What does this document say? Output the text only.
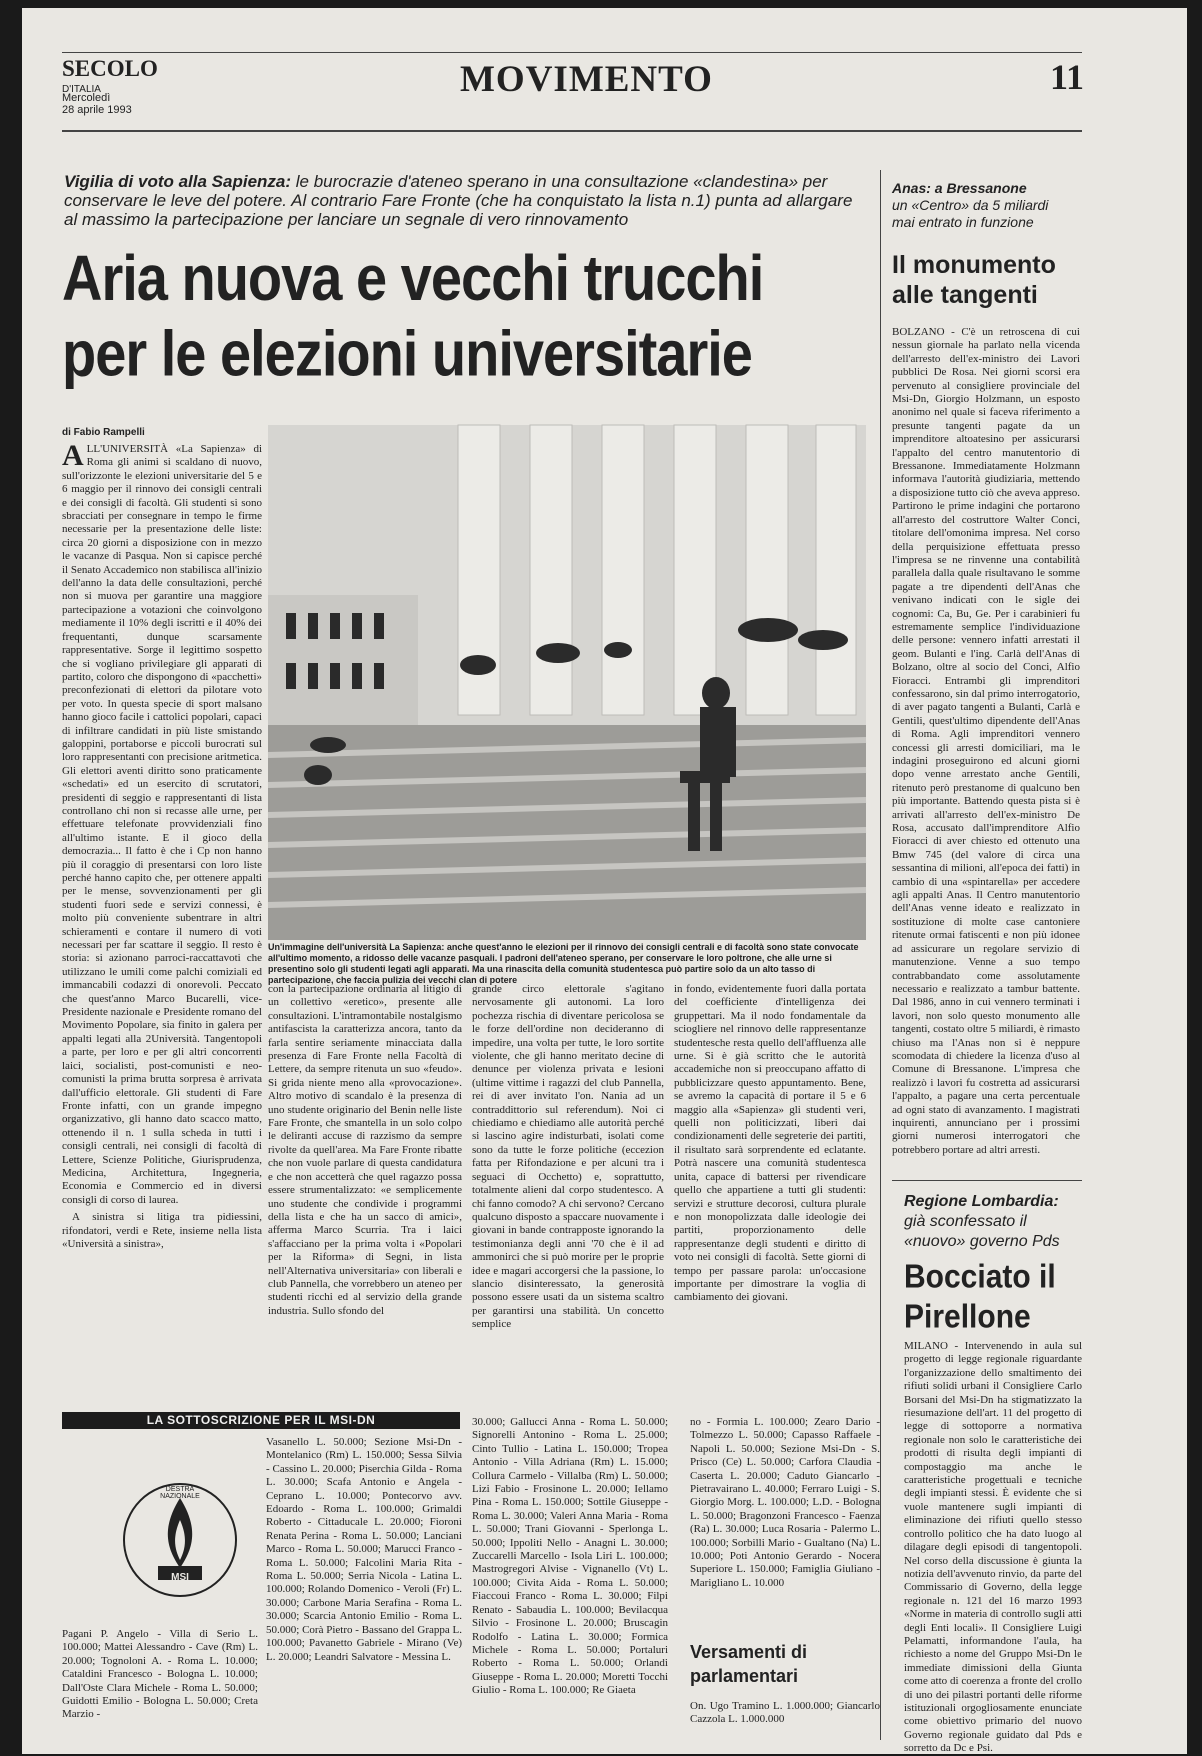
SECOLO
D'ITALIA
Mercoledì
28 aprile 1993
MOVIMENTO	11
Vigilia di voto alla Sapienza: le burocrazie d'ateneo sperano in una consultazione «clandestina» per conservare le leve del potere. Al contrario Fare Fronte (che ha conquistato la lista n.1) punta ad allargare al massimo la partecipazione per lanciare un segnale di vero rinnovamento
Aria nuova e vecchi trucchi per le elezioni universitarie
di Fabio Rampelli

ALL'UNIVERSITÀ «La Sapienza» di Roma gli animi si scaldano di nuovo, sull'orizzonte le elezioni universitarie del 5 e 6 maggio per il rinnovo dei consigli centrali e dei consigli di facoltà. Gli studenti si sono sbracciati per consegnare in tempo le firme necessarie per la presentazione delle liste: circa 20 giorni a disposizione con in mezzo le vacanze di Pasqua. Non si capisce perché il Senato Accademico non stabilisca all'inizio dell'anno la data delle consultazioni, perché non si muova per garantire una maggiore partecipazione a votazioni che coinvolgono mediamente il 10% degli iscritti e il 40% dei frequentanti, dunque scarsamente rappresentative. Sorge il legittimo sospetto che si vogliano privilegiare gli apparati di partito, coloro che dispongono di «pacchetti» preconfezionati di elettori da pilotare voto per voto. In questa specie di sport malsano hanno gioco facile i cattolici popolari, capaci di infiltrare candidati in più liste smistando galoppini, portaborse e piccoli burocrati sul loro rappresentanti con precisione aritmetica. Gli elettori aventi diritto sono praticamente «schedati» ed un esercito di scrutatori, presidenti di seggio e rappresentanti di lista controllano chi non si recasse alle urne, per effettuare telefonate provvidenziali fino all'ultimo istante. E il gioco della democrazia... Il fatto è che i Cp non hanno più il coraggio di presentarsi con loro liste perché hanno capito che, per ottenere appalti per le mense, sovvenzionamenti per gli studenti fuori sede e servizi connessi, è molto più conveniente subentrare in altri schieramenti e contare il numero di voti necessari per far scattare il seggio. Il resto è storia: si azionano parroci-raccattavoti che utilizzano le umili come palchi comiziali ed immancabili codazzi di onorevoli. Peccato che quest'anno Marco Bucarelli, vice-Presidente nazionale e Presidente romano del Movimento Popolare, sia finito in galera per appalti legati alla 2Università. Tangentopoli a parte, per loro e per gli altri concorrenti laici, socialisti, post-comunisti e neo-comunisti la prima brutta sorpresa è arrivata dall'ufficio elettorale. Gli studenti di Fare Fronte infatti, con un grande impegno organizzativo, gli hanno dato scacco matto, ottenendo il n. 1 sulla scheda in tutti i consigli centrali, nei consigli di facoltà di Lettere, Scienze Politiche, Giurisprudenza, Medicina, Architettura, Ingegneria, Economia e Commercio ed in diversi consigli di corso di laurea.

A sinistra si litiga tra pidiessini, rifondatori, verdi e Rete, insieme nella lista «Università a sinistra»,

Un'immagine dell'università La Sapienza: anche quest'anno le elezioni per il rinnovo dei consigli centrali e di facoltà sono state convocate all'ultimo momento, a ridosso delle vacanze pasquali. I padroni dell'ateneo sperano, per conservare le loro poltrone, che alle urne si presentino solo gli studenti legati agli apparati. Ma una rinascita della comunità studentesca può partire solo da un alto tasso di partecipazione, che faccia pulizia dei vecchi clan di potere

con la partecipazione ordinaria al litigio di un collettivo «eretico», presente alle consultazioni. L'intramontabile nostalgismo antifascista la caratterizza ancora, tanto da farla sentire seriamente minacciata dalla presenza di Fare Fronte nella Facoltà di Lettere, da sempre ritenuta un suo «feudo». Si grida niente meno alla «provocazione». Altro motivo di scandalo è la presenza di uno studente originario del Benin nelle liste Fare Fronte, che smantella in un solo colpo le deliranti accuse di razzismo da sempre rivolte da quell'area. Ma Fare Fronte ribatte che non vuole parlare di questa candidatura e che non accetterà che quel ragazzo possa essere strumentalizzato: «e semplicemente uno studente che condivide i programmi della lista e che ha un sacco di amici», afferma Marco Scurria. Tra i laici s'affacciano per la prima volta i «Popolari per la Riforma» di Segni, in lista nell'Alternativa universitaria» con liberali e club Pannella, che vorrebbero un ateneo per studenti ricchi ed al servizio della grande industria. Sullo sfondo del

grande circo elettorale s'agitano nervosamente gli autonomi. La loro pochezza rischia di diventare pericolosa se le forze dell'ordine non decideranno di impedire, una volta per tutte, le loro sortite violente, che gli hanno meritato decine di denunce per violenza privata e lesioni (ultime vittime i ragazzi del club Pannella, rei di aver invitato l'on. Nania ad un contraddittorio sul referendum). Noi ci chiediamo e chiediamo alle autorità perché si lascino agire indisturbati, isolati come sono da tutte le forze politiche (eccezion fatta per Rifondazione e per alcuni tra i seguaci di Occhetto) e, soprattutto, totalmente alieni dal corpo studentesco. A chi fanno comodo? A chi servono? Cercano qualcuno disposto a spaccare nuovamente i giovani in bande contrapposte ignorando la testimonianza degli anni '70 che è il ad ammonirci che si può morire per le proprie idee e magari accorgersi che la passione, lo slancio disinteressato, la generosità possono essere usati da un sistema scaltro per garantirsi una stabilità. Un concetto semplice

in fondo, evidentemente fuori dalla portata del coefficiente d'intelligenza dei gruppettari. Ma il nodo fondamentale da sciogliere nel rinnovo delle rappresentanze studentesche resta quello dell'affluenza alle urne. Si è già scritto che le autorità accademiche non si preoccupano affatto di pubblicizzare questo appuntamento. Bene, se avremo la capacità di portare il 5 e 6 maggio alla «Sapienza» gli studenti veri, quelli non politicizzati, liberi dai condizionamenti delle segreterie dei partiti, il risultato sarà sorprendente ed eclatante. Potrà nascere una comunità studentesca unita, capace di battersi per rivendicare quello che appartiene a tutti gli studenti: servizi e strutture decorosi, cultura plurale e non monopolizzata dalle ideologie dei partiti, proporzionamento delle rappresentanze degli studenti e diritto di voto nei consigli di facoltà. Sette giorni di tempo per passare parola: un'occasione importante per dimostrare la voglia di cambiamento dei giovani.

Anas: a Bressanone
un «Centro» da 5 miliardi mai entrato in funzione
Il monumento alle tangenti

BOLZANO - C'è un retroscena di cui nessun giornale ha parlato nella vicenda dell'arresto dell'ex-ministro dei Lavori pubblici De Rosa. Nei giorni scorsi era pervenuto al consigliere provinciale del Msi-Dn, Giorgio Holzmann, un esposto anonimo nel quale si faceva riferimento a presunte tangenti pagate da un imprenditore altoatesino per assicurarsi l'appalto del centro manutentorio di Bressanone. Immediatamente Holzmann informava l'autorità giudiziaria, mettendo a disposizione tutto ciò che aveva appreso. Partirono le prime indagini che portarono all'arresto del costruttore Walter Conci, titolare dell'omonima impresa. Nel corso della perquisizione effettuata presso l'impresa se ne rinvenne una contabilità parallela dalla quale risultavano le somme pagate a tre dipendenti dell'Anas che venivano indicati con le sigle dei cognomi: Ca, Bu, Ge. Per i carabinieri fu estremamente semplice l'individuazione delle persone: vennero infatti arrestati il geom. Bulanti e l'ing. Carlà dell'Anas di Bolzano, oltre al socio del Conci, Alfio Fioracci. Entrambi gli imprenditori confessarono, sin dal primo interrogatorio, di aver pagato tangenti a Bulanti, Carlà e Gentili, quest'ultimo dipendente dell'Anas di Roma. Agli imprenditori vennero concessi gli arresti domiciliari, ma le indagini proseguirono ed alcuni giorni dopo venne arrestato anche Gentili, ritenuto però prestanome di qualcuno ben più importante. Battendo questa pista si è arrivati all'arresto dell'ex-ministro De Rosa, accusato dall'imprenditore Alfio Fioracci di aver chiesto ed ottenuto una Bmw 745 (del valore di circa una sessantina di milioni, all'epoca dei fatti) in cambio di una «spintarella» per accedere agli appalti Anas. Il Centro manutentorio dell'Anas venne ideato e realizzato in sostituzione di molte case cantoniere ritenute ormai fatiscenti e non più idonee ad assicurare un regolare servizio di manutenzione. Venne a suo tempo contrabbandato come assolutamente necessario e realizzato a tambur battente. Dal 1986, anno in cui vennero terminati i lavori, non solo questo monumento alle tangenti, costato oltre 5 miliardi, è rimasto chiuso ma l'Anas non si è neppure scomodata di chiedere la licenza d'uso al Comune di Bressanone. L'impresa che realizzò i lavori fu costretta ad assicurarsi l'appalto, a pagare una certa percentuale ad ogni stato di avanzamento. I magistrati inquirenti, annunciano per i prossimi giorni numerosi interrogatori che potrebbero portare ad altri arresti.

Regione Lombardia:
già sconfessato il «nuovo» governo Pds
Bocciato il Pirellone

MILANO - Intervenendo in aula sul progetto di legge regionale riguardante l'organizzazione dello smaltimento dei rifiuti solidi urbani il Consigliere Carlo Borsani del Msi-Dn ha stigmatizzato la riesumazione dell'art. 11 del progetto di legge di sottoporre a normativa regionale non solo le caratteristiche dei prodotti di risulta degli impianti di compostaggio ma anche le caratteristiche progettuali e tecniche degli impianti stessi. È evidente che si vuole mantenere sugli impianti di eliminazione dei rifiuti quello stesso controllo politico che ha dato luogo al dilagare degli episodi di tangentopoli. Nel corso della discussione è giunta la notizia dell'avvenuto rinvio, da parte del Commissario di Governo, della legge regionale n. 121 del 16 marzo 1993 «Norme in materia di controllo sugli atti degli Enti locali». Il Consigliere Luigi Pelamatti, informandone l'aula, ha richiesto a nome del Gruppo Msi-Dn le immediate dimissioni della Giunta come atto di coerenza a fronte del crollo di uno dei pilastri portanti delle riforme istituzionali orgogliosamente enunciate come obiettivo primario del nuovo Governo regionale guidato dal Pds e sorretto da Dc e Psi.

LA SOTTOSCRIZIONE PER IL MSI-DN
DESTRA NAZIONALE
MSI

Pagani P. Angelo - Villa di Serio L. 100.000; Mattei Alessandro - Cave (Rm) L. 20.000; Tognoloni A. - Roma L. 10.000; Cataldini Francesco - Bologna L. 10.000; Dall'Oste Clara Michele - Roma L. 50.000; Guidotti Emilio - Bologna L. 50.000; Creta Marzio -

Vasanello L. 50.000; Sezione Msi-Dn - Montelanico (Rm) L. 150.000; Sessa Silvia - Cassino L. 20.000; Piserchia Gilda - Roma L. 30.000; Scafa Antonio e Angela - Ceprano L. 10.000; Pontecorvo avv. Edoardo - Roma L. 100.000; Grimaldi Roberto - Cittaducale L. 20.000; Fioroni Renata Perina - Roma L. 50.000; Lanciani Marco - Roma L. 50.000; Marucci Franco - Roma L. 50.000; Falcolini Maria Rita - Roma L. 50.000; Serria Nicola - Latina L. 100.000; Rolando Domenico - Veroli (Fr) L. 30.000; Carbone Maria Serafina - Roma L. 30.000; Scarcia Antonio Emilio - Roma L. 50.000; Corà Pietro - Bassano del Grappa L. 100.000; Pavanetto Gabriele - Mirano (Ve) L. 20.000; Leandri Salvatore - Messina L.

30.000; Gallucci Anna - Roma L. 50.000; Signorelli Antonino - Roma L. 25.000; Cinto Tullio - Latina L. 150.000; Tropea Antonio - Villa Adriana (Rm) L. 15.000; Collura Carmelo - Villalba (Rm) L. 50.000; Lizi Fabio - Frosinone L. 20.000; Iellamo Pina - Roma L. 150.000; Sottile Giuseppe - Roma L. 30.000; Valeri Anna Maria - Roma L. 50.000; Trani Giovanni - Sperlonga L. 50.000; Ippoliti Nello - Anagni L. 30.000; Zuccarelli Marcello - Isola Liri L. 100.000; Mastrogregori Alvise - Vignanello (Vt) L. 100.000; Civita Aida - Roma L. 50.000; Fiaccoui Franco - Roma L. 30.000; Filpi Renato - Sabaudia L. 100.000; Bevilacqua Silvio - Frosinone L. 20.000; Bruscagin Rodolfo - Latina L. 30.000; Formica Michele - Roma L. 50.000; Portaluri Roberto - Roma L. 50.000; Orlandi Giuseppe - Roma L. 20.000; Moretti Tocchi Giulio - Roma L. 100.000; Re Giaeta

no - Formia L. 100.000; Zearo Dario - Tolmezzo L. 50.000; Capasso Raffaele - Napoli L. 50.000; Sezione Msi-Dn - S. Prisco (Ce) L. 50.000; Carfora Claudia - Caserta L. 20.000; Caduto Giancarlo - Pietravairano L. 40.000; Ferraro Luigi - S. Giorgio Morg. L. 100.000; L.D. - Bologna L. 50.000; Bragonzoni Francesco - Faenza (Ra) L. 30.000; Luca Rosaria - Palermo L. 100.000; Sorbilli Mario - Gualtano (Na) L. 10.000; Poti Antonio Gerardo - Nocera Superiore L. 150.000; Famiglia Giuliano - Marigliano L. 10.000

Versamenti di parlamentari

On. Ugo Tramino L. 1.000.000; Giancarlo Cazzola L. 1.000.000
